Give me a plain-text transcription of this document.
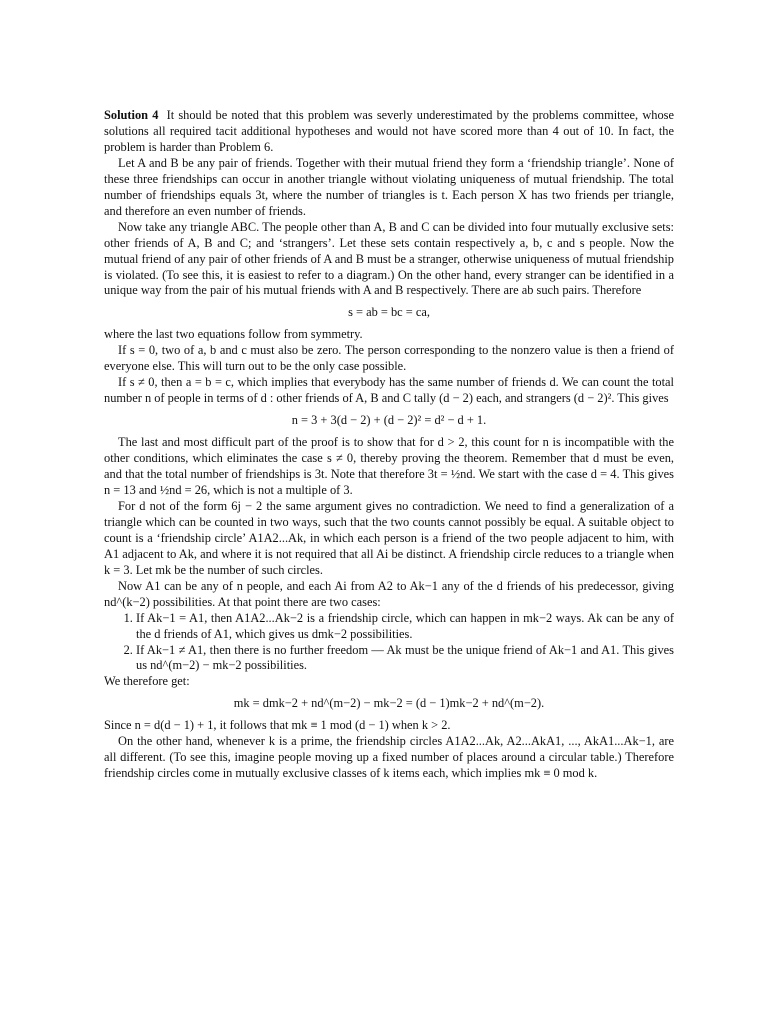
Solution 4 It should be noted that this problem was severly underestimated by the problems committee, whose solutions all required tacit additional hypotheses and would not have scored more than 4 out of 10. In fact, the problem is harder than Problem 6.

Let A and B be any pair of friends. Together with their mutual friend they form a ‘friendship triangle’. None of these three friendships can occur in another triangle without violating uniqueness of mutual friendship. The total number of friendships equals 3t, where the number of triangles is t. Each person X has two friends per triangle, and therefore an even number of friends.

Now take any triangle ABC. The people other than A, B and C can be divided into four mutually exclusive sets: other friends of A, B and C; and ‘strangers’. Let these sets contain respectively a, b, c and s people. Now the mutual friend of any pair of other friends of A and B must be a stranger, otherwise uniqueness of mutual friendship is violated. (To see this, it is easiest to refer to a diagram.) On the other hand, every stranger can be identified in a unique way from the pair of his mutual friends with A and B respectively. There are ab such pairs. Therefore

s = ab = bc = ca,

where the last two equations follow from symmetry.

If s = 0, two of a, b and c must also be zero. The person corresponding to the nonzero value is then a friend of everyone else. This will turn out to be the only case possible.

If s ≠ 0, then a = b = c, which implies that everybody has the same number of friends d. We can count the total number n of people in terms of d : other friends of A, B and C tally (d − 2) each, and strangers (d − 2)². This gives

n = 3 + 3(d − 2) + (d − 2)² = d² − d + 1.

The last and most difficult part of the proof is to show that for d > 2, this count for n is incompatible with the other conditions, which eliminates the case s ≠ 0, thereby proving the theorem. Remember that d must be even, and that the total number of friendships is 3t. Note that therefore 3t = ½nd. We start with the case d = 4. This gives n = 13 and ½nd = 26, which is not a multiple of 3.

For d not of the form 6j − 2 the same argument gives no contradiction. We need to find a generalization of a triangle which can be counted in two ways, such that the two counts cannot possibly be equal. A suitable object to count is a ‘friendship circle’ A1A2...Ak, in which each person is a friend of the two people adjacent to him, with A1 adjacent to Ak, and where it is not required that all Ai be distinct. A friendship circle reduces to a triangle when k = 3. Let mk be the number of such circles.

Now A1 can be any of n people, and each Ai from A2 to Ak−1 any of the d friends of his predecessor, giving nd^(k−2) possibilities. At that point there are two cases:

1. If Ak−1 = A1, then A1A2...Ak−2 is a friendship circle, which can happen in mk−2 ways. Ak can be any of the d friends of A1, which gives us dmk−2 possibilities.
2. If Ak−1 ≠ A1, then there is no further freedom — Ak must be the unique friend of Ak−1 and A1. This gives us nd^(m−2) − mk−2 possibilities.

We therefore get:

mk = dmk−2 + nd^(m−2) − mk−2 = (d − 1)mk−2 + nd^(m−2).

Since n = d(d − 1) + 1, it follows that mk ≡ 1 mod (d − 1) when k > 2.

On the other hand, whenever k is a prime, the friendship circles A1A2...Ak, A2...AkA1, ..., AkA1...Ak−1, are all different. (To see this, imagine people moving up a fixed number of places around a circular table.) Therefore friendship circles come in mutually exclusive classes of k items each, which implies mk ≡ 0 mod k.
